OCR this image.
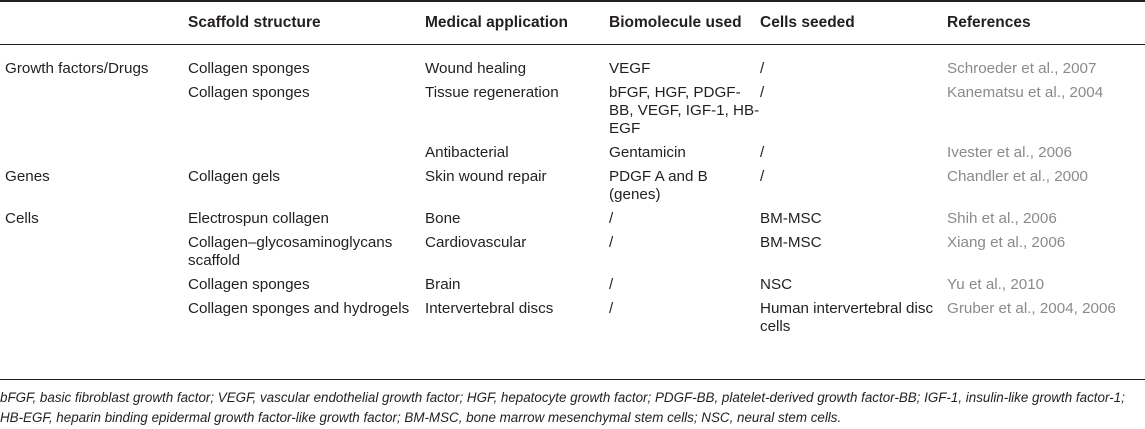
	Scaffold structure	Medical application	Biomolecule used	Cells seeded	References
Growth factors/Drugs	Collagen sponges	Wound healing	VEGF	/	Schroeder et al., 2007
	Collagen sponges	Tissue regeneration	bFGF, HGF, PDGF-BB, VEGF, IGF-1, HB-EGF	/	Kanematsu et al., 2004
		Antibacterial	Gentamicin	/	Ivester et al., 2006
Genes	Collagen gels	Skin wound repair	PDGF A and B (genes)	/	Chandler et al., 2000
Cells	Electrospun collagen	Bone	/	BM-MSC	Shih et al., 2006
	Collagen–glycosaminoglycans scaffold	Cardiovascular	/	BM-MSC	Xiang et al., 2006
	Collagen sponges	Brain	/	NSC	Yu et al., 2010
	Collagen sponges and hydrogels	Intervertebral discs	/	Human intervertebral disc cells	Gruber et al., 2004, 2006
bFGF, basic fibroblast growth factor; VEGF, vascular endothelial growth factor; HGF, hepatocyte growth factor; PDGF-BB, platelet-derived growth factor-BB; IGF-1, insulin-like growth factor-1; HB-EGF, heparin binding epidermal growth factor-like growth factor; BM-MSC, bone marrow mesenchymal stem cells; NSC, neural stem cells.
